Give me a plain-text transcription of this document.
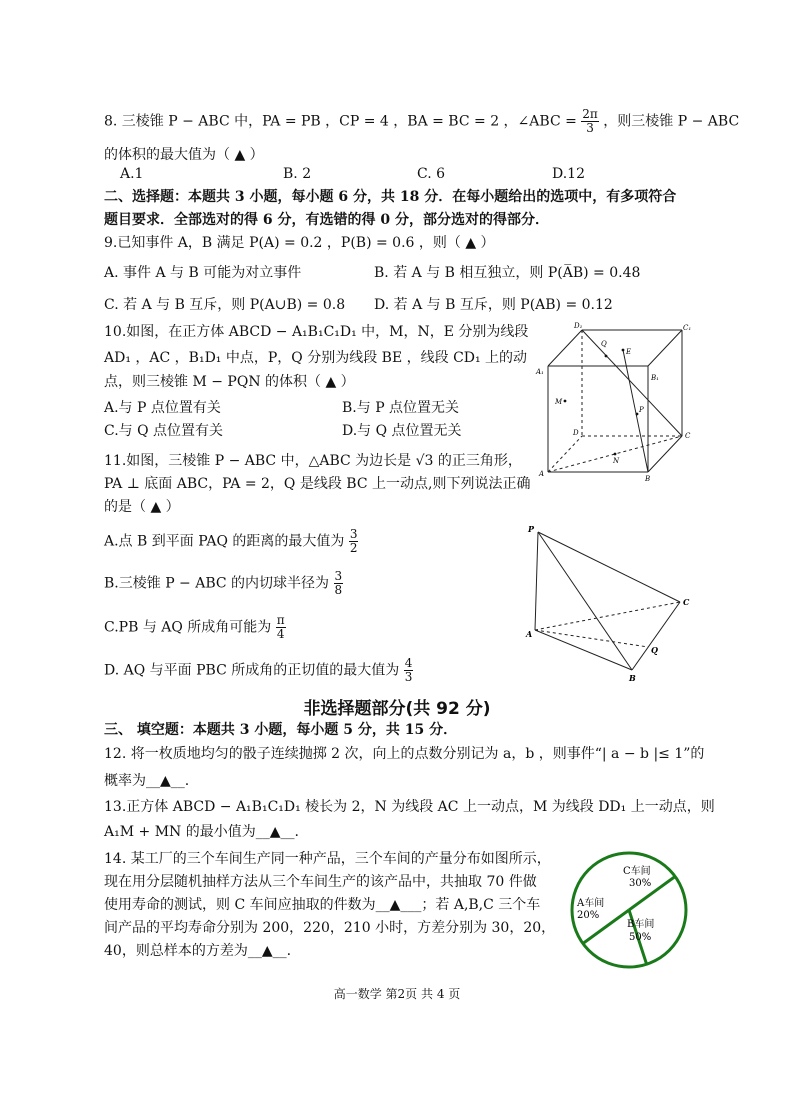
8. 三棱锥 P − ABC 中，PA = PB ，CP = 4 ，BA = BC = 2 ，∠ABC = $\frac{2\pi}{3}$ ，则三棱锥 P − ABC
的体积的最大值为（ ▲ ）
A.1	B. 2	C. 6	D.12
二、选择题：本题共 3 小题，每小题 6 分，共 18 分．在每小题给出的选项中，有多项符合
题目要求．全部选对的得 6 分，有选错的得 0 分，部分选对的得部分．
9.已知事件 A，B 满足 P(A) = 0.2 ，P(B) = 0.6 ，则（ ▲ ）
A. 事件 A 与 B 可能为对立事件	B. 若 A 与 B 相互独立，则 P(A̅B) = 0.48
C. 若 A 与 B 互斥，则 P(A∪B) = 0.8 D. 若 A 与 B 互斥，则 P(AB) = 0.12
10.如图，在正方体 ABCD − A₁B₁C₁D₁ 中，M，N，E 分别为线段
AD₁ ，AC ，B₁D₁ 中点，P，Q 分别为线段 BE ，线段 CD₁ 上的动
点，则三棱锥 M − PQN 的体积（ ▲ ）
A.与 P 点位置有关	B.与 P 点位置无关
C.与 Q 点位置有关	D.与 Q 点位置无关
D₁	C₁
A₁
B₁
Q
E
M
P
D	C
N
A
B
11.如图，三棱锥 P − ABC 中，△ABC 为边长是 √3 的正三角形，
PA ⊥ 底面 ABC，PA = 2，Q 是线段 BC 上一动点,则下列说法正确
的是（ ▲ ）
A.点 B 到平面 PAQ 的距离的最大值为 $\frac{3}{2}$
B.三棱锥 P − ABC 的内切球半径为 $\frac{3}{8}$
C.PB 与 AQ 所成角可能为 $\frac{\pi}{4}$
D. AQ 与平面 PBC 所成角的正切值的最大值为 $\frac{4}{3}$
P
C
A
Q
B
非选择题部分(共 92 分)
三、 填空题：本题共 3 小题，每小题 5 分，共 15 分．
12. 将一枚质地均匀的骰子连续抛掷 2 次，向上的点数分别记为 a，b ，则事件“| a − b |≤ 1”的
概率为__▲__.
13.正方体 ABCD − A₁B₁C₁D₁ 棱长为 2，N 为线段 AC 上一动点，M 为线段 DD₁ 上一动点，则
A₁M + MN 的最小值为__▲__.
14. 某工厂的三个车间生产同一种产品，三个车间的产量分布如图所示，
现在用分层随机抽样方法从三个车间生产的该产品中，共抽取 70 件做
使用寿命的测试，则 C 车间应抽取的件数为__▲___；若 A,B,C 三个车
间产品的平均寿命分别为 200，220，210 小时，方差分别为 30，20，
40，则总样本的方差为__▲__.
C车间
30%
A车间
20%
B车间
50%
高一数学 第2页 共 4 页
